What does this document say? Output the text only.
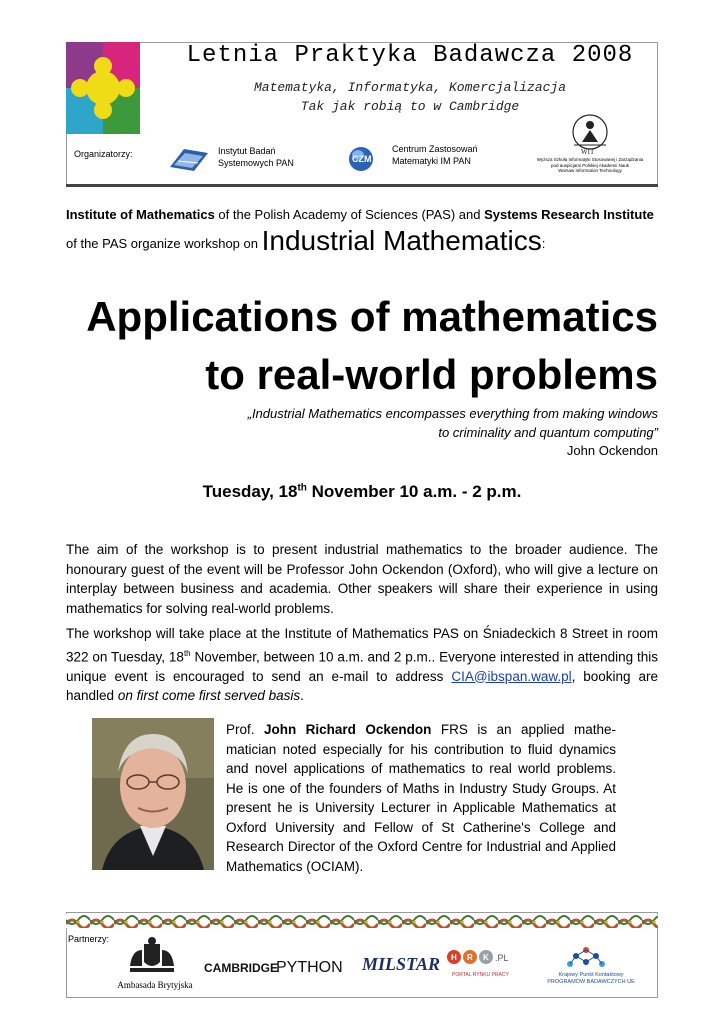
Letnia Praktyka Badawcza 2008
Matematyka, Informatyka, Komercjalizacja
Tak jak robią to w Cambridge
Organizatorzy:	Instytut Badań
Systemowych PAN	CZM
Centrum Zastosowań
Matematyki IM PAN
WIT
Wyższa Szkoła Informatyki Stosowanej i Zarządzania
pod auspicjami Polskiej Akademii Nauk
Warsaw Information Technology
Institute of Mathematics of the Polish Academy of Sciences (PAS) and Systems Research Institute of the PAS organize workshop on Industrial Mathematics:
Applications of mathematics
to real-world problems
„Industrial Mathematics encompasses everything from making windows
to criminality and quantum computing”
John Ockendon
Tuesday, 18th November 10 a.m. - 2 p.m.
The aim of the workshop is to present industrial mathematics to the broader audience. The honourary guest of the event will be Professor John Ockendon (Oxford), who will give a lecture on interplay between business and academia. Other speakers will share their experience in using mathematics for solving real-world problems.
The workshop will take place at the Institute of Mathematics PAS on Śniadeckich 8 Street in room 322 on Tuesday, 18th November, between 10 a.m. and 2 p.m.. Everyone interested in attending this unique event is encouraged to send an e-mail to address CIA@ibspan.waw.pl, booking are handled on first come first served basis.
Prof. John Richard Ockendon FRS is an applied mathe-matician noted especially for his contribution to fluid dynamics and novel applications of mathematics to real world problems. He is one of the founders of Maths in Industry Study Groups. At present he is University Lecturer in Applicable Mathematics at Oxford University and Fellow of St Catherine's College and Research Director of the Oxford Centre for Industrial and Applied Mathematics (OCIAM).
Partnerzy:
Ambasada Brytyjska
CAMBRIDGE
PYTHON MILSTAR H R K .PL
PORTAL RYNKU PRACY	Krajowy Punkt Kontaktowy
PROGRAMÓW BADAWCZYCH UE
